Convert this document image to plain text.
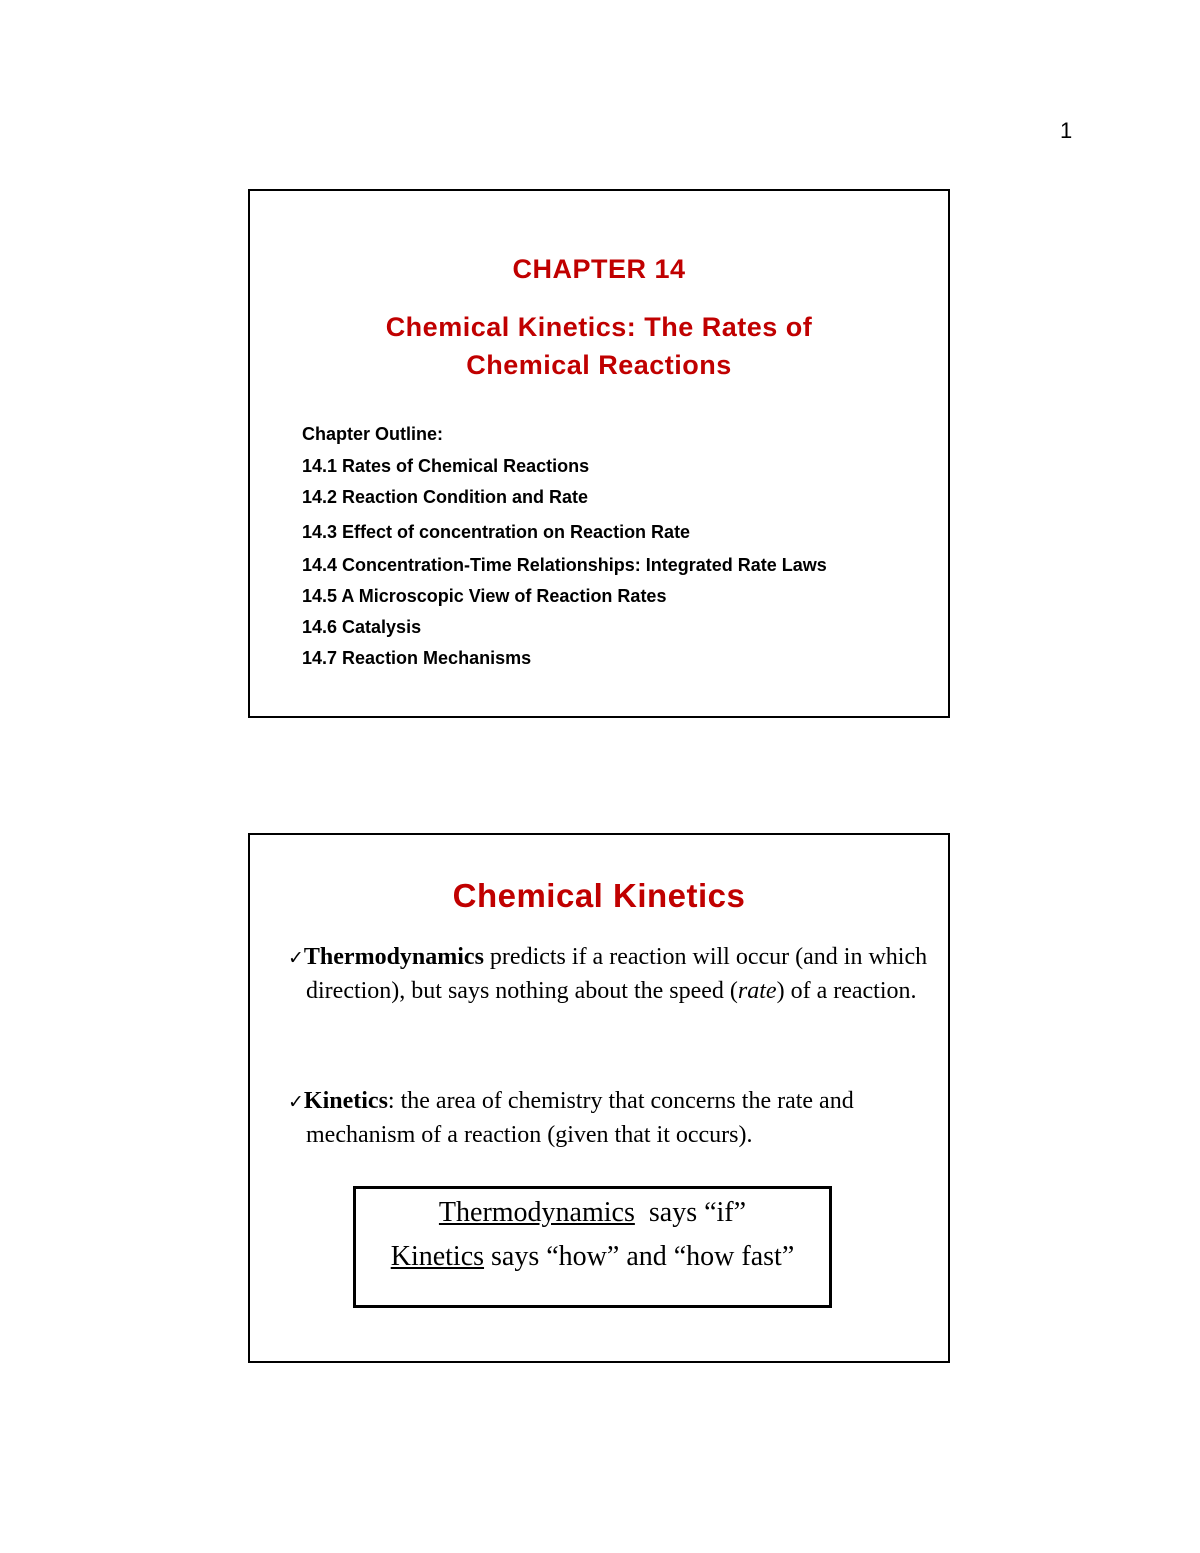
1
CHAPTER 14
Chemical Kinetics: The Rates of
Chemical Reactions

Chapter Outline:

14.1 Rates of Chemical Reactions

14.2 Reaction Condition and Rate

14.3 Effect of concentration on Reaction Rate

14.4 Concentration-Time Relationships: Integrated Rate Laws

14.5 A Microscopic View of Reaction Rates

14.6 Catalysis

14.7 Reaction Mechanisms

Chemical Kinetics
✓Thermodynamics predicts if a reaction will occur (and in which direction), but says nothing about the speed (rate) of a reaction.
✓Kinetics: the area of chemistry that concerns the rate and mechanism of a reaction (given that it occurs).
Thermodynamics  says “if”
Kinetics says “how” and “how fast”
